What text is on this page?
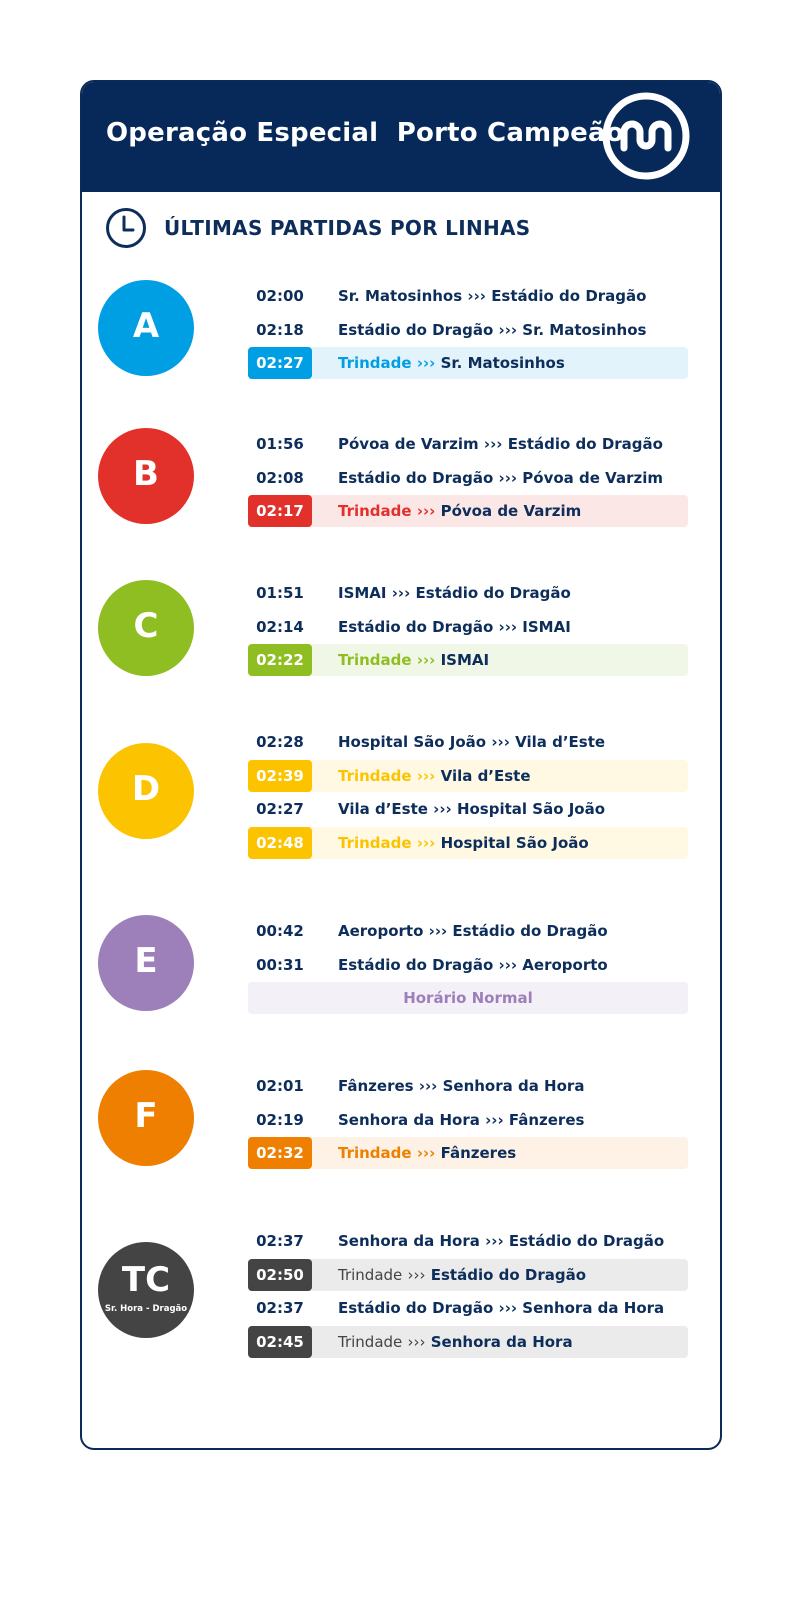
Operação Especial  Porto Campeão
ÚLTIMAS PARTIDAS POR LINHAS
A
02:00	Sr. Matosinhos ››› Estádio do Dragão
02:18	Estádio do Dragão ››› Sr. Matosinhos
02:27	Trindade ››› Sr. Matosinhos
B
01:56	Póvoa de Varzim ››› Estádio do Dragão
02:08	Estádio do Dragão ››› Póvoa de Varzim
02:17	Trindade ››› Póvoa de Varzim
C
01:51	ISMAI ››› Estádio do Dragão
02:14	Estádio do Dragão ››› ISMAI
02:22	Trindade ››› ISMAI
D
02:28	Hospital São João ››› Vila d’Este
02:39	Trindade ››› Vila d’Este
02:27	Vila d’Este ››› Hospital São João
02:48	Trindade ››› Hospital São João
E
00:42	Aeroporto ››› Estádio do Dragão
00:31	Estádio do Dragão ››› Aeroporto
Horário Normal
F
02:01	Fânzeres ››› Senhora da Hora
02:19	Senhora da Hora ››› Fânzeres
02:32	Trindade ››› Fânzeres
TC
Sr. Hora - Dragão
02:37	Senhora da Hora ››› Estádio do Dragão
02:50	Trindade ››› Estádio do Dragão
02:37	Estádio do Dragão ››› Senhora da Hora
02:45	Trindade ››› Senhora da Hora
